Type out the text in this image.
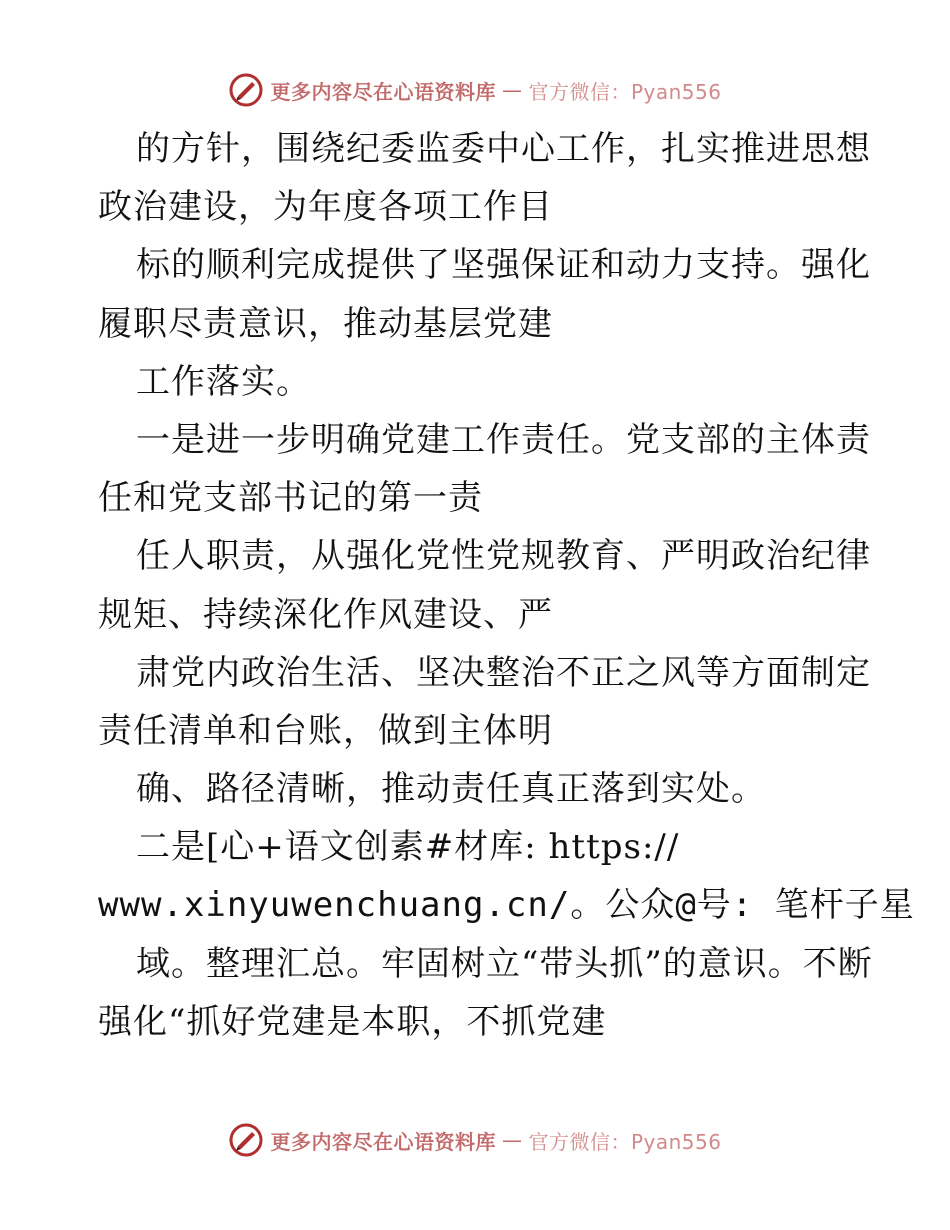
更多内容尽在心语资料库 — 官方微信：Pyan556
的方针，围绕纪委监委中心工作，扎实推进思想
政治建设，为年度各项工作目
标的顺利完成提供了坚强保证和动力支持。强化
履职尽责意识，推动基层党建
工作落实。
一是进一步明确党建工作责任。党支部的主体责
任和党支部书记的第一责
任人职责，从强化党性党规教育、严明政治纪律
规矩、持续深化作风建设、严
肃党内政治生活、坚决整治不正之风等方面制定
责任清单和台账，做到主体明
确、路径清晰，推动责任真正落到实处。
二是[心+语文创素#材库: https://
www.xinyuwenchuang.cn/。公众@号: 笔杆子星
域。整理汇总。牢固树立“带头抓”的意识。不断
强化“抓好党建是本职，不抓党建
更多内容尽在心语资料库 — 官方微信：Pyan556
